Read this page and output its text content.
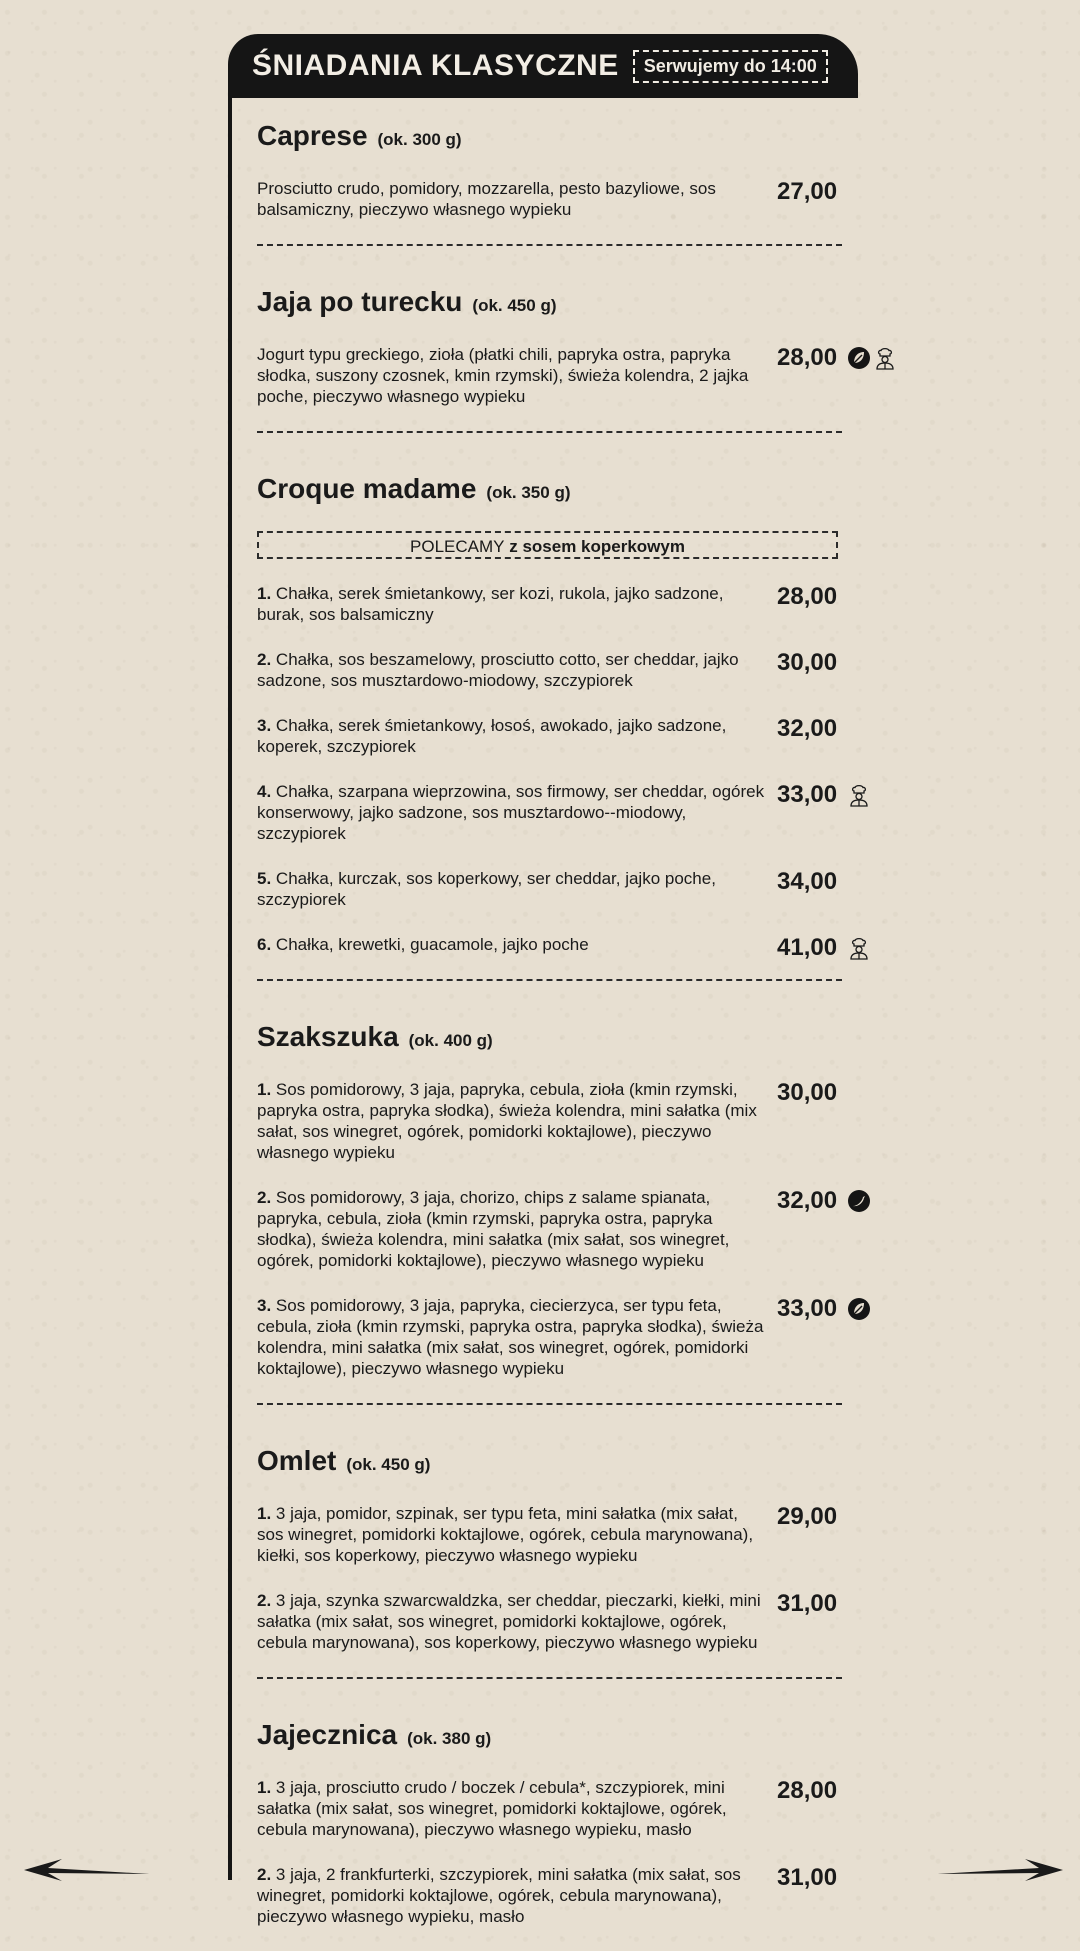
ŚNIADANIA KLASYCZNE	Serwujemy do 14:00
Caprese (ok. 300 g)
Prosciutto crudo, pomidory, mozzarella, pesto bazyliowe, sos balsamiczny, pieczywo własnego wypieku
27,00
Jaja po turecku (ok. 450 g)
Jogurt typu greckiego, zioła (płatki chili, papryka ostra, papryka słodka, suszony czosnek, kmin rzymski), świeża kolendra, 2 jajka poche, pieczywo własnego wypieku
28,00
Croque madame (ok. 350 g)
POLECAMY z sosem koperkowym
1. Chałka, serek śmietankowy, ser kozi, rukola, jajko sadzone, burak, sos balsamiczny
28,00
2. Chałka, sos beszamelowy, prosciutto cotto, ser cheddar, jajko sadzone, sos musztardowo-miodowy, szczypiorek
30,00
3. Chałka, serek śmietankowy, łosoś, awokado, jajko sadzone, koperek, szczypiorek
32,00
4. Chałka, szarpana wieprzowina, sos firmowy, ser cheddar, ogórek konserwowy, jajko sadzone, sos musztardowo--miodowy, szczypiorek
33,00
5. Chałka, kurczak, sos koperkowy, ser cheddar, jajko poche, szczypiorek
34,00
6. Chałka, krewetki, guacamole, jajko poche	41,00
Szakszuka (ok. 400 g)
1. Sos pomidorowy, 3 jaja, papryka, cebula, zioła (kmin rzymski, papryka ostra, papryka słodka), świeża kolendra, mini sałatka (mix sałat, sos winegret, ogórek, pomidorki koktajlowe), pieczywo własnego wypieku
30,00
2. Sos pomidorowy, 3 jaja, chorizo, chips z salame spianata, papryka, cebula, zioła (kmin rzymski, papryka ostra, papryka słodka), świeża kolendra, mini sałatka (mix sałat, sos winegret, ogórek, pomidorki koktajlowe), pieczywo własnego wypieku
32,00
3. Sos pomidorowy, 3 jaja, papryka, ciecierzyca, ser typu feta, cebula, zioła (kmin rzymski, papryka ostra, papryka słodka), świeża kolendra, mini sałatka (mix sałat, sos winegret, ogórek, pomidorki koktajlowe), pieczywo własnego wypieku
33,00
Omlet (ok. 450 g)
1. 3 jaja, pomidor, szpinak, ser typu feta, mini sałatka (mix sałat, sos winegret, pomidorki koktajlowe, ogórek, cebula marynowana), kiełki, sos koperkowy, pieczywo własnego wypieku
29,00
2. 3 jaja, szynka szwarcwaldzka, ser cheddar, pieczarki, kiełki, mini sałatka (mix sałat, sos winegret, pomidorki koktajlowe, ogórek, cebula marynowana), sos koperkowy, pieczywo własnego wypieku
31,00
Jajecznica (ok. 380 g)
1. 3 jaja, prosciutto crudo / boczek / cebula*, szczypiorek, mini sałatka (mix sałat, sos winegret, pomidorki koktajlowe, ogórek, cebula marynowana), pieczywo własnego wypieku, masło
28,00
2. 3 jaja, 2 frankfurterki, szczypiorek, mini sałatka (mix sałat, sos winegret, pomidorki koktajlowe, ogórek, cebula marynowana), pieczywo własnego wypieku, masło
31,00
